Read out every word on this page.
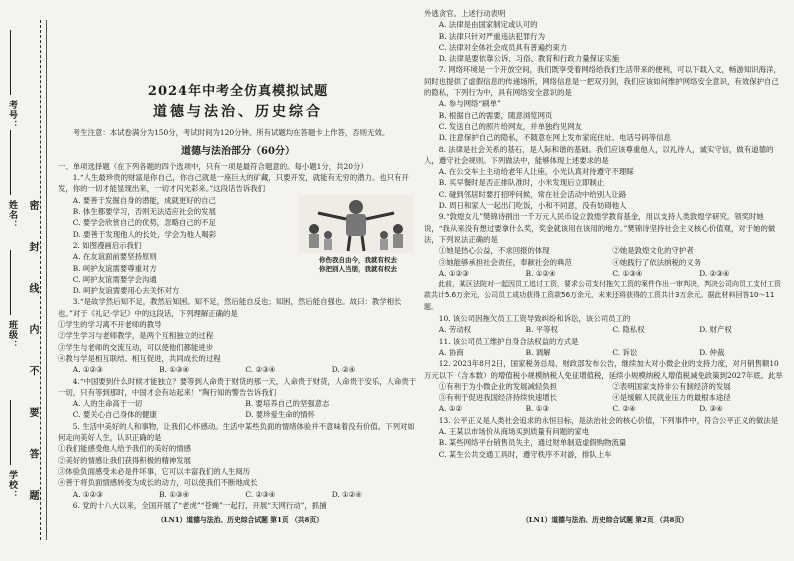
学校：
班级：
姓名：
考号：
密 封 线 内 不 要 答 题
2024年中考全仿真模拟试题
道德与法治、历史综合

考生注意：本试卷满分为150分，考试时间为120分钟。所有试题均在答题卡上作答，否则无效。

道德与法治部分（60分）

一、单项选择题（在下列各题的四个选项中，只有一项是最符合题意的。每小题1分，共20分）

1.“人生最珍贵的财富是你自己，你自己就是一座巨大的矿藏，只要开发，就能有无穷的潜力。也只有开发，你的一切才能显现出来，一切才闪光彩来。”这段话告诉我们

A. 要善于发掘自身的潜能，成就更好的自己

B. 体生都要学习，否则无法适应社会的发展

C. 要学会欣赏自己的优势，忽略自己的不足

D. 要善于发现他人的长处，学会为他人喝彩

2. 如图漫画启示我们

A. 在友谊面前要坚持原则

B. 呵护友谊需要尊重对方

C. 呵护友谊需要学会沟通

D. 呵护友谊需要用心去关怀对方

你伤我自由今，我就有权去
你把别人当朋，我就有权去

3.“是故学然后知不足，教然后知困。知不足，然后能自反也；知困，然后能自强也。故曰：教学相长也。”对于《礼记·学记》中的这段话，下列理解正确的是

①学生的学习离不开老师的教导

②学生学习与老师教学，是两个互相独立的过程

③学生与老师的交流互动，可以使他们都能进步

④教与学是相互联结、相互促进，共同成长的过程

A. ①②③	B. ①③④	C. ②③④	D. ②④

4.“中国要到什么时候才能独立？要等到人命贵于财货的那一天，人命贵于财货，人命贵于安乐，人命贵于一切，只有等到那时，中国才会有站起来！”陶行知的警告告诉我们

A. 人的生命高于一切	B. 要培养自己的坚强意志
C. 要关心自己身体的健康	D. 要珍爱生命的情怀

5. 生活中美好的人和事物，让我们心怀感动。生活中某些负面的情绪体验并不意味着没有价值。下列对如何走向美好人生，认识正确的是

①我们能感受他人给予我们的美好的情感

②美好的情感让我们获得积极的精神发展

③体验负面感受未必是件坏事，它可以丰富我们的人生阅历

④善于将负面情感转变为成长的动力，可以使我们不断地成长

A. ①②③	B. ①③④	C. ②③④	D. ①②④

6. 党的十八大以来，全国开展了“老虎”“苍蝇”一起打，开展“天网行动”，抓捕

外逃贪官。上述行动表明

A. 法律是由国家制定或认可的

B. 法律只针对严重违法犯罪行为

C. 法律对全体社会成员具有普遍约束力

D. 法律是要依靠公诉、习俗、教育和行政力量保证实施

7. 网络环境是一个开放空间，我们既享受着网络给我们生活带来的便利，可以下载入文，畅游知识海洋，同时也提供了虚假信息的传递场所，网络信息是一把双刃剑，我们应该如何维护网络安全意识，有效保护自己的隐私，下列行为中，具有网络安全意识的是

A. 参与网络“刷单”

B. 根据自己的需要，随意浏览网页

C. 发送自己的照片给网友，并单独约见网友

D. 注意保护自己的隐私，不随意在网上发布家庭住址、电话号码等信息

8. 法律是社会关系的基石，是人际和谐的基础。我们应该尊重他人，以礼待人，诚实守信，做有道德的人，遵守社会规则。下列做法中，能够体现上述要求的是

A. 在公交车上主动给老年人让座，小光认真对待遵守不理睬

B. 买早餐时是否正排队准时，小米发现后立即制止

C. 碰到邻居时要打招呼问候，常在社会活动中给别人让路

D. 周日和家人一起出门吃饭，小和不同意，没有妨碍他人

9.“敦煌女儿”樊锦诗捐出一千万元人民币设立敦煌学教育基金，用以支持人类敦煌学研究。领奖时她说，“我从来没有想过要拿什么奖，奖金就该用在该用的地方。”樊锦诗坚持社会主义核心价值观，对于她的做法，下列说法正确的是

①她是热心公益，不求回报的体现	②她是敦煌文化的守护者
③她能够承担社会责任，奉献社会的典范	④她践行了依法纳税的义务
A. ①②③	B. ①②④	C. ①③④	D. ②③④

此前，某区法院对一起因员工追讨工资，要求公司支付拖欠工资的案件作出一审判决，判决公司向员工支付工资款共计5.6万余元，公司员工成功获得工资款56万余元，未来还将获得的工资共计3万余元。据此材料回答10～11题。

10. 该公司因拖欠员工工资导致纠纷和诉讼，该公司员工的

A. 劳动权	B. 平等权	C. 隐私权	D. 财产权

11. 该公司员工维护自身合法权益的方式是

A. 协商	B. 调解	C. 诉讼	D. 仲裁

12. 2023年8月2日，国家税务总局、财政部发布公告，继续加大对小微企业的支持力度，对月销售额10万元以下（含本数）的增值税小规模纳税人免征增值税，延续小规模纳税人增值税减免政策到2027年底。此举

①有利于为小微企业的发展减轻负担	②表明国家支持非公有制经济的发展
③有利于促进我国经济持续快速增长	④是缓解人民就业压力的最根本途径
A. ①②	B. ①③	C. ②④	D. ③④

13. 公平正义是人类社会追求的永恒目标，是法治社会的核心价值，下列事件中，符合公平正义的做法是

A. 王某以市场价从商场买到质量有问题的家电

B. 某些网络平台销售员失主，通过财单制造虚假购物流量

C. 某生公共交通工具时，遵守秩序不对游，排队上车

（LN1）道德与法治、历史综合试题 第1页 （共8页）	（LN1）道德与法治、历史综合试题 第2页 （共8页）
